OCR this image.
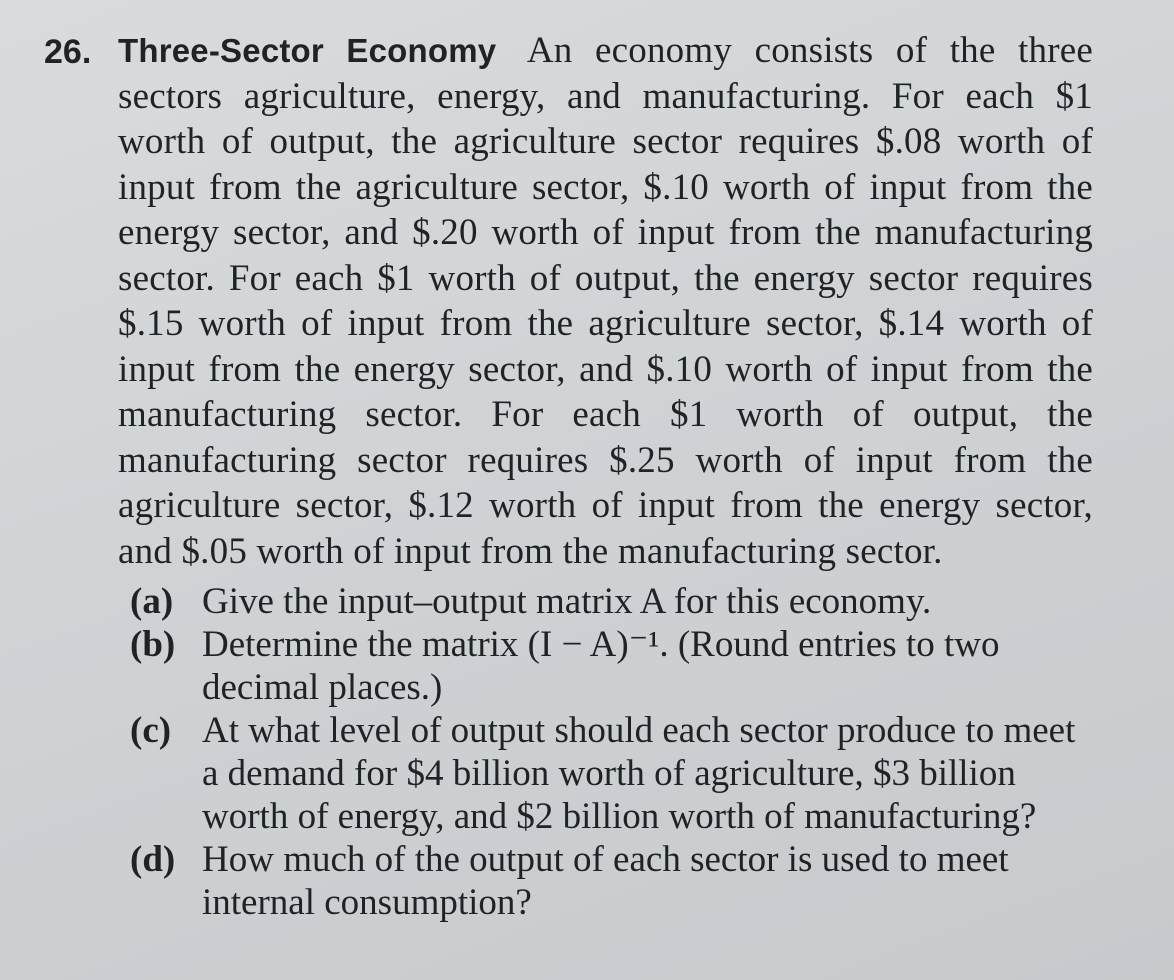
26. Three-Sector Economy An economy consists of the three sectors agriculture, energy, and manufacturing. For each $1 worth of output, the agriculture sector requires $.08 worth of input from the agriculture sector, $.10 worth of input from the energy sector, and $.20 worth of input from the manufacturing sector. For each $1 worth of output, the energy sector requires $.15 worth of input from the agriculture sector, $.14 worth of input from the energy sector, and $.10 worth of input from the manufacturing sector. For each $1 worth of output, the manufacturing sector requires $.25 worth of input from the agriculture sector, $.12 worth of input from the energy sector, and $.05 worth of input from the manufacturing sector.
(a) Give the input–output matrix A for this economy.
(b) Determine the matrix (I − A)⁻¹. (Round entries to two decimal places.)
(c) At what level of output should each sector produce to meet a demand for $4 billion worth of agriculture, $3 billion worth of energy, and $2 billion worth of manufacturing?
(d) How much of the output of each sector is used to meet internal consumption?
